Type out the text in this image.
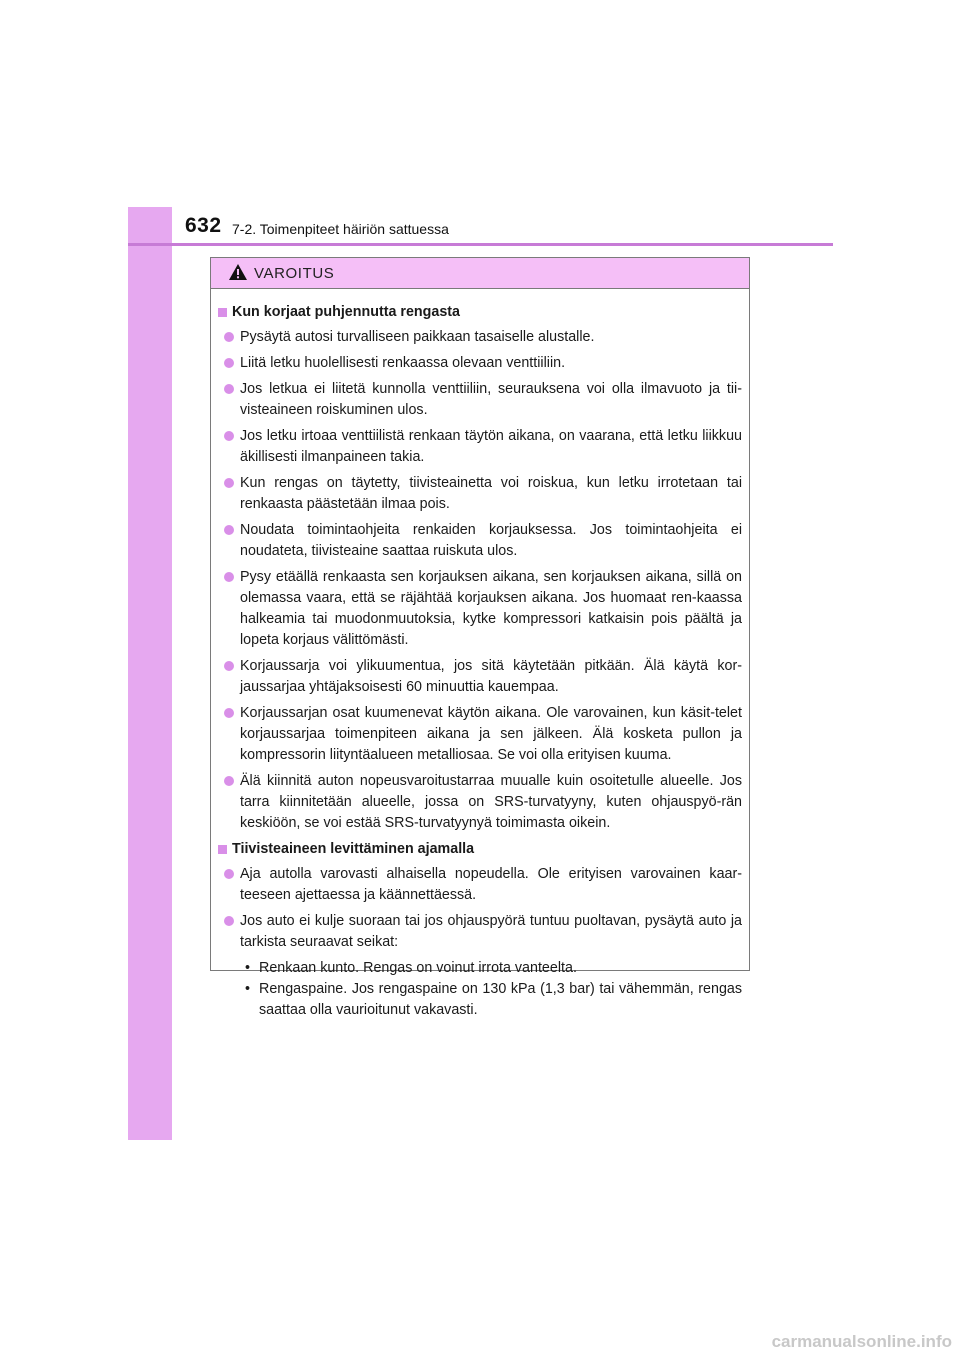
632 7-2. Toimenpiteet häiriön sattuessa
VAROITUS
Kun korjaat puhjennutta rengasta
Pysäytä autosi turvalliseen paikkaan tasaiselle alustalle.
Liitä letku huolellisesti renkaassa olevaan venttiiliin.
Jos letkua ei liitetä kunnolla venttiiliin, seurauksena voi olla ilmavuoto ja tii-visteaineen roiskuminen ulos.
Jos letku irtoaa venttiilistä renkaan täytön aikana, on vaarana, että letku liikkuu äkillisesti ilmanpaineen takia.
Kun rengas on täytetty, tiivisteainetta voi roiskua, kun letku irrotetaan tai renkaasta päästetään ilmaa pois.
Noudata toimintaohjeita renkaiden korjauksessa. Jos toimintaohjeita ei noudateta, tiivisteaine saattaa ruiskuta ulos.
Pysy etäällä renkaasta sen korjauksen aikana, sen korjauksen aikana, sillä on olemassa vaara, että se räjähtää korjauksen aikana. Jos huomaat ren-kaassa halkeamia tai muodonmuutoksia, kytke kompressori katkaisin pois päältä ja lopeta korjaus välittömästi.
Korjaussarja voi ylikuumentua, jos sitä käytetään pitkään. Älä käytä kor-jaussarjaa yhtäjaksoisesti 60 minuuttia kauempaa.
Korjaussarjan osat kuumenevat käytön aikana. Ole varovainen, kun käsit-telet korjaussarjaa toimenpiteen aikana ja sen jälkeen. Älä kosketa pullon ja kompressorin liityntäalueen metalliosaa. Se voi olla erityisen kuuma.
Älä kiinnitä auton nopeusvaroitustarraa muualle kuin osoitetulle alueelle. Jos tarra kiinnitetään alueelle, jossa on SRS-turvatyyny, kuten ohjauspyö-rän keskiöön, se voi estää SRS-turvatyynyä toimimasta oikein.
Tiivisteaineen levittäminen ajamalla
Aja autolla varovasti alhaisella nopeudella. Ole erityisen varovainen kaar-teeseen ajettaessa ja käännettäessä.
Jos auto ei kulje suoraan tai jos ohjauspyörä tuntuu puoltavan, pysäytä auto ja tarkista seuraavat seikat:
• Renkaan kunto. Rengas on voinut irrota vanteelta.
• Rengaspaine. Jos rengaspaine on 130 kPa (1,3 bar) tai vähemmän, rengas saattaa olla vaurioitunut vakavasti.
carmanualsonline.info
